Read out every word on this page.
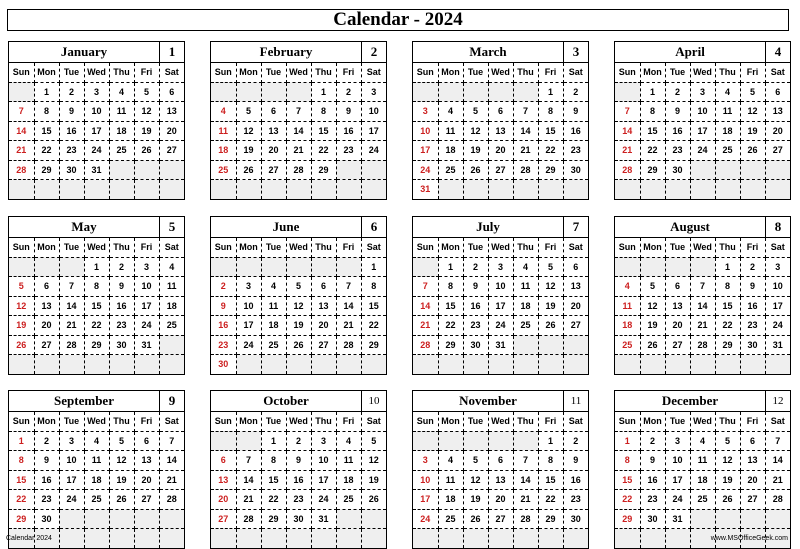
Calendar - 2024
January	1
Sun	Mon	Tue	Wed	Thu	Fri	Sat
	1	2	3	4	5	6
7	8	9	10	11	12	13
14	15	16	17	18	19	20
21	22	23	24	25	26	27
28	29	30	31			

February	2
Sun	Mon	Tue	Wed	Thu	Fri	Sat
				1	2	3
4	5	6	7	8	9	10
11	12	13	14	15	16	17
18	19	20	21	22	23	24
25	26	27	28	29		

March	3
Sun	Mon	Tue	Wed	Thu	Fri	Sat
					1	2
3	4	5	6	7	8	9
10	11	12	13	14	15	16
17	18	19	20	21	22	23
24	25	26	27	28	29	30
31						
April	4
Sun	Mon	Tue	Wed	Thu	Fri	Sat
	1	2	3	4	5	6
7	8	9	10	11	12	13
14	15	16	17	18	19	20
21	22	23	24	25	26	27
28	29	30				

May	5
Sun	Mon	Tue	Wed	Thu	Fri	Sat
			1	2	3	4
5	6	7	8	9	10	11
12	13	14	15	16	17	18
19	20	21	22	23	24	25
26	27	28	29	30	31	

June	6
Sun	Mon	Tue	Wed	Thu	Fri	Sat
						1
2	3	4	5	6	7	8
9	10	11	12	13	14	15
16	17	18	19	20	21	22
23	24	25	26	27	28	29
30						
July	7
Sun	Mon	Tue	Wed	Thu	Fri	Sat
	1	2	3	4	5	6
7	8	9	10	11	12	13
14	15	16	17	18	19	20
21	22	23	24	25	26	27
28	29	30	31			

August	8
Sun	Mon	Tue	Wed	Thu	Fri	Sat
				1	2	3
4	5	6	7	8	9	10
11	12	13	14	15	16	17
18	19	20	21	22	23	24
25	26	27	28	29	30	31

September	9
Sun	Mon	Tue	Wed	Thu	Fri	Sat
1	2	3	4	5	6	7
8	9	10	11	12	13	14
15	16	17	18	19	20	21
22	23	24	25	26	27	28
29	30					

October	10
Sun	Mon	Tue	Wed	Thu	Fri	Sat
		1	2	3	4	5
6	7	8	9	10	11	12
13	14	15	16	17	18	19
20	21	22	23	24	25	26
27	28	29	30	31		

November	11
Sun	Mon	Tue	Wed	Thu	Fri	Sat
					1	2
3	4	5	6	7	8	9
10	11	12	13	14	15	16
17	18	19	20	21	22	23
24	25	26	27	28	29	30

December	12
Sun	Mon	Tue	Wed	Thu	Fri	Sat
1	2	3	4	5	6	7
8	9	10	11	12	13	14
15	16	17	18	19	20	21
22	23	24	25	26	27	28
29	30	31				

Calendar 2024	www.MSOfficeGeek.com
